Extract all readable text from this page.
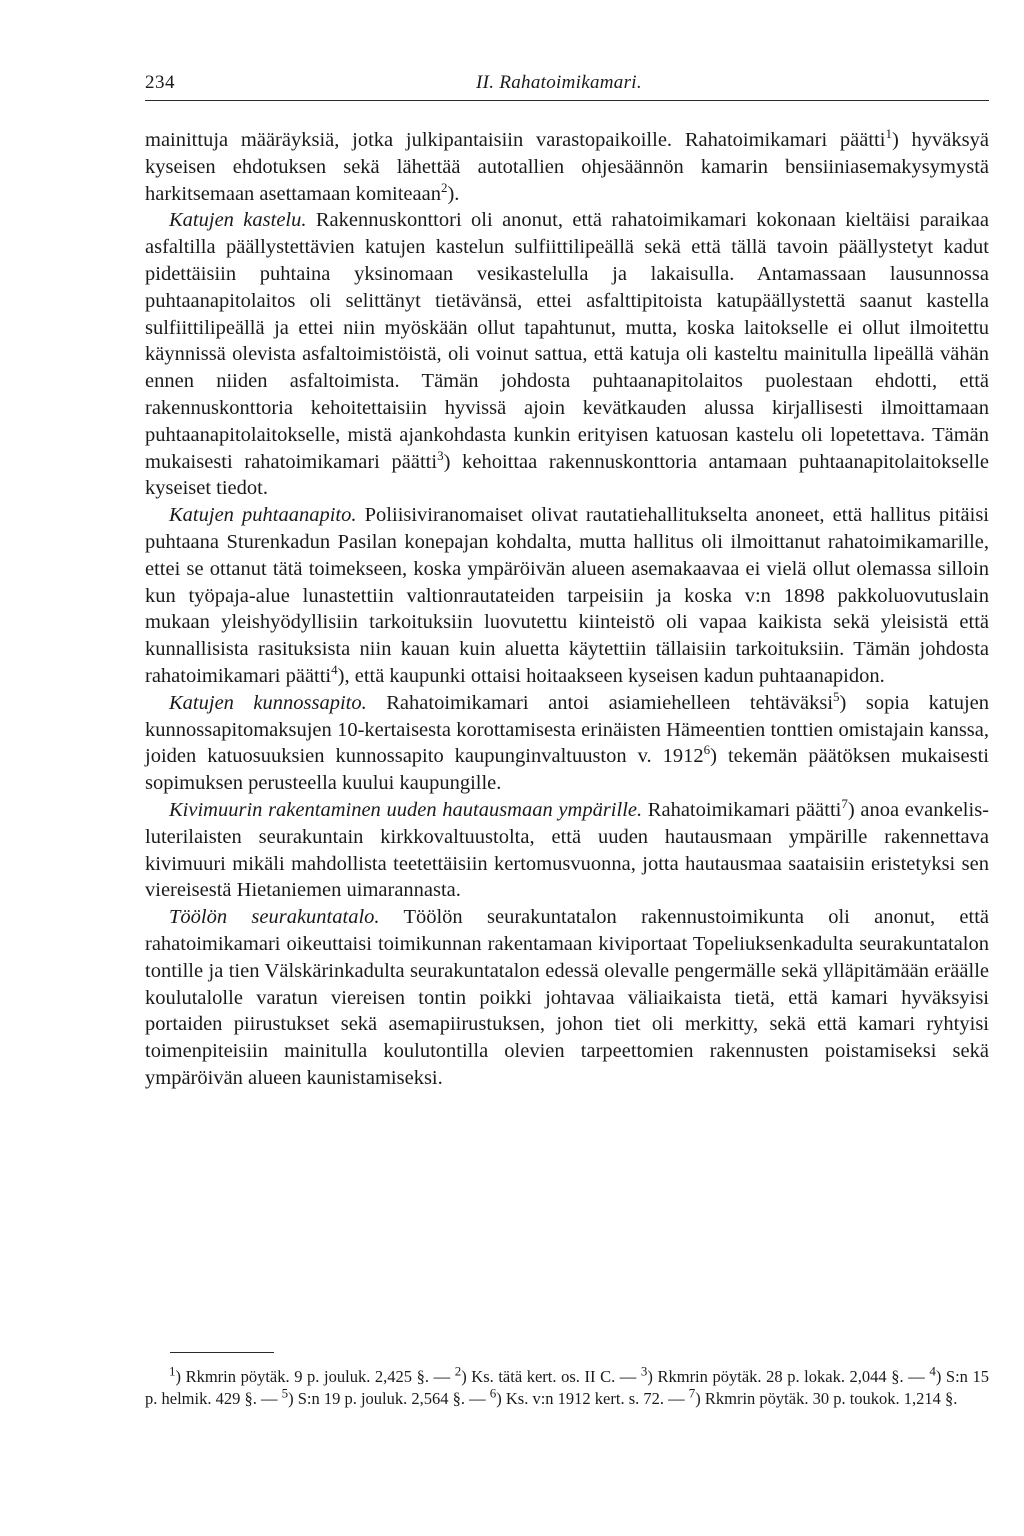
234	II. Rahatoimikamari.

mainittuja määräyksiä, jotka julkipantaisiin varastopaikoille. Rahatoimikamari päätti$^1$) hyväksyä kyseisen ehdotuksen sekä lähettää autotallien ohjesäännön kamarin bensiiniasemakysymystä harkitsemaan asettamaan komiteaan$^2$).

Katujen kastelu. Rakennuskonttori oli anonut, että rahatoimikamari kokonaan kieltäisi paraikaa asfaltilla päällystettävien katujen kastelun sulfiittilipeällä sekä että tällä tavoin päällystetyt kadut pidettäisiin puhtaina yksinomaan vesikastelulla ja lakaisulla. Antamassaan lausunnossa puhtaanapitolaitos oli selittänyt tietävänsä, ettei asfalttipitoista katupäällystettä saanut kastella sulfiittilipeällä ja ettei niin myöskään ollut tapahtunut, mutta, koska laitokselle ei ollut ilmoitettu käynnissä olevista asfaltoimistöistä, oli voinut sattua, että katuja oli kasteltu mainitulla lipeällä vähän ennen niiden asfaltoimista. Tämän johdosta puhtaanapitolaitos puolestaan ehdotti, että rakennuskonttoria kehoitettaisiin hyvissä ajoin kevätkauden alussa kirjallisesti ilmoittamaan puhtaanapitolaitokselle, mistä ajankohdasta kunkin erityisen katuosan kastelu oli lopetettava. Tämän mukaisesti rahatoimikamari päätti$^3$) kehoittaa rakennuskonttoria antamaan puhtaanapitolaitokselle kyseiset tiedot.

Katujen puhtaanapito. Poliisiviranomaiset olivat rautatiehallitukselta anoneet, että hallitus pitäisi puhtaana Sturenkadun Pasilan konepajan kohdalta, mutta hallitus oli ilmoittanut rahatoimikamarille, ettei se ottanut tätä toimekseen, koska ympäröivän alueen asemakaavaa ei vielä ollut olemassa silloin kun työpaja-alue lunastettiin valtionrautateiden tarpeisiin ja koska v:n 1898 pakkoluovutuslain mukaan yleishyödyllisiin tarkoituksiin luovutettu kiinteistö oli vapaa kaikista sekä yleisistä että kunnallisista rasituksista niin kauan kuin aluetta käytettiin tällaisiin tarkoituksiin. Tämän johdosta rahatoimikamari päätti$^4$), että kaupunki ottaisi hoitaakseen kyseisen kadun puhtaanapidon.

Katujen kunnossapito. Rahatoimikamari antoi asiamiehelleen tehtäväksi$^5$) sopia katujen kunnossapitomaksujen 10-kertaisesta korottamisesta erinäisten Hämeentien tonttien omistajain kanssa, joiden katuosuuksien kunnossapito kaupunginvaltuuston v. 1912$^6$) tekemän päätöksen mukaisesti sopimuksen perusteella kuului kaupungille.

Kivimuurin rakentaminen uuden hautausmaan ympärille. Rahatoimikamari päätti$^7$) anoa evankelis-luterilaisten seurakuntain kirkkovaltuustolta, että uuden hautausmaan ympärille rakennettava kivimuuri mikäli mahdollista teetettäisiin kertomusvuonna, jotta hautausmaa saataisiin eristetyksi sen viereisestä Hietaniemen uimarannasta.

Töölön seurakuntatalo. Töölön seurakuntatalon rakennustoimikunta oli anonut, että rahatoimikamari oikeuttaisi toimikunnan rakentamaan kiviportaat Topeliuksenkadulta seurakuntatalon tontille ja tien Välskärinkadulta seurakuntatalon edessä olevalle pengermälle sekä ylläpitämään eräälle koulutalolle varatun viereisen tontin poikki johtavaa väliaikaista tietä, että kamari hyväksyisi portaiden piirustukset sekä asemapiirustuksen, johon tiet oli merkitty, sekä että kamari ryhtyisi toimenpiteisiin mainitulla koulutontilla olevien tarpeettomien rakennusten poistamiseksi sekä ympäröivän alueen kaunistamiseksi.

$^1$) Rkmrin pöytäk. 9 p. jouluk. 2,425 §. — $^2$) Ks. tätä kert. os. II C. — $^3$) Rkmrin pöytäk. 28 p. lokak. 2,044 §. — $^4$) S:n 15 p. helmik. 429 §. — $^5$) S:n 19 p. jouluk. 2,564 §. — $^6$) Ks. v:n 1912 kert. s. 72. — $^7$) Rkmrin pöytäk. 30 p. toukok. 1,214 §.
